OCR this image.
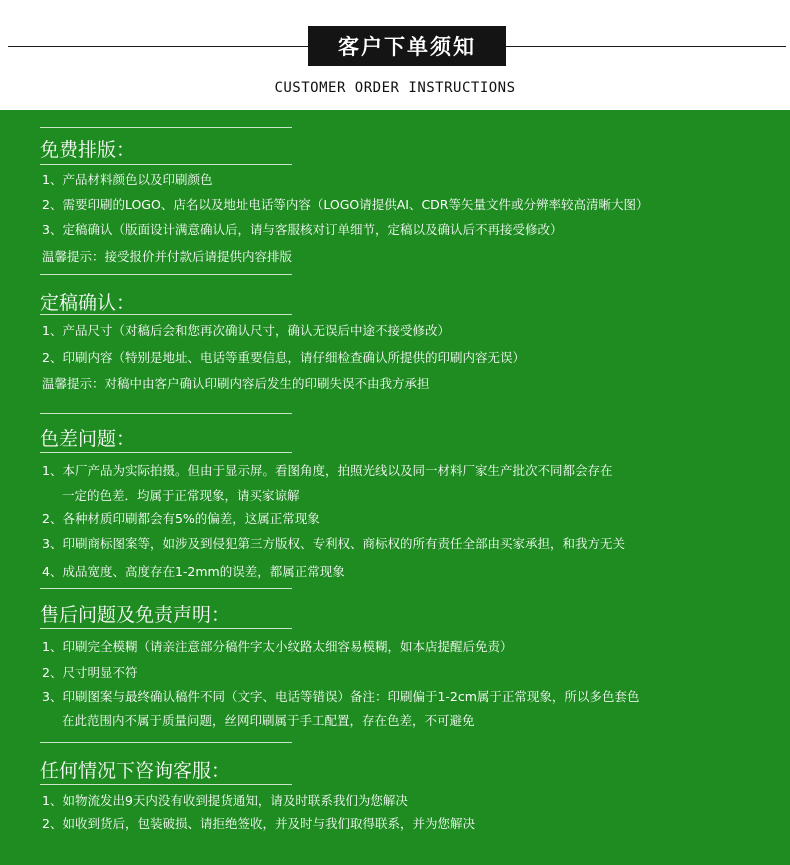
客户下单须知
CUSTOMER ORDER INSTRUCTIONS
免费排版：
1、产品材料颜色以及印刷颜色
2、需要印刷的LOGO、店名以及地址电话等内容（LOGO请提供AI、CDR等矢量文件或分辨率较高清晰大图）
3、定稿确认（版面设计满意确认后，请与客服核对订单细节，定稿以及确认后不再接受修改）
温馨提示：接受报价并付款后请提供内容排版
定稿确认：
1、产品尺寸（对稿后会和您再次确认尺寸，确认无误后中途不接受修改）
2、印刷内容（特别是地址、电话等重要信息，请仔细检查确认所提供的印刷内容无误）
温馨提示：对稿中由客户确认印刷内容后发生的印刷失误不由我方承担
色差问题：
1、本厂产品为实际拍摄。但由于显示屏。看图角度，拍照光线以及同一材料厂家生产批次不同都会存在
一定的色差．均属于正常现象，请买家谅解
2、各种材质印刷都会有5%的偏差，这属正常现象
3、印刷商标图案等，如涉及到侵犯第三方版权、专利权、商标权的所有责任全部由买家承担，和我方无关
4、成品宽度、高度存在1-2mm的误差，都属正常现象
售后问题及免责声明：
1、印刷完全模糊（请亲注意部分稿件字太小纹路太细容易模糊，如本店提醒后免责）
2、尺寸明显不符
3、印刷图案与最终确认稿件不同（文字、电话等错误）备注：印刷偏于1-2cm属于正常现象，所以多色套色
在此范围内不属于质量问题，丝网印刷属于手工配置，存在色差，不可避免
任何情况下咨询客服：
1、如物流发出9天内没有收到提货通知，请及时联系我们为您解决
2、如收到货后，包装破损、请拒绝签收，并及时与我们取得联系，并为您解决
